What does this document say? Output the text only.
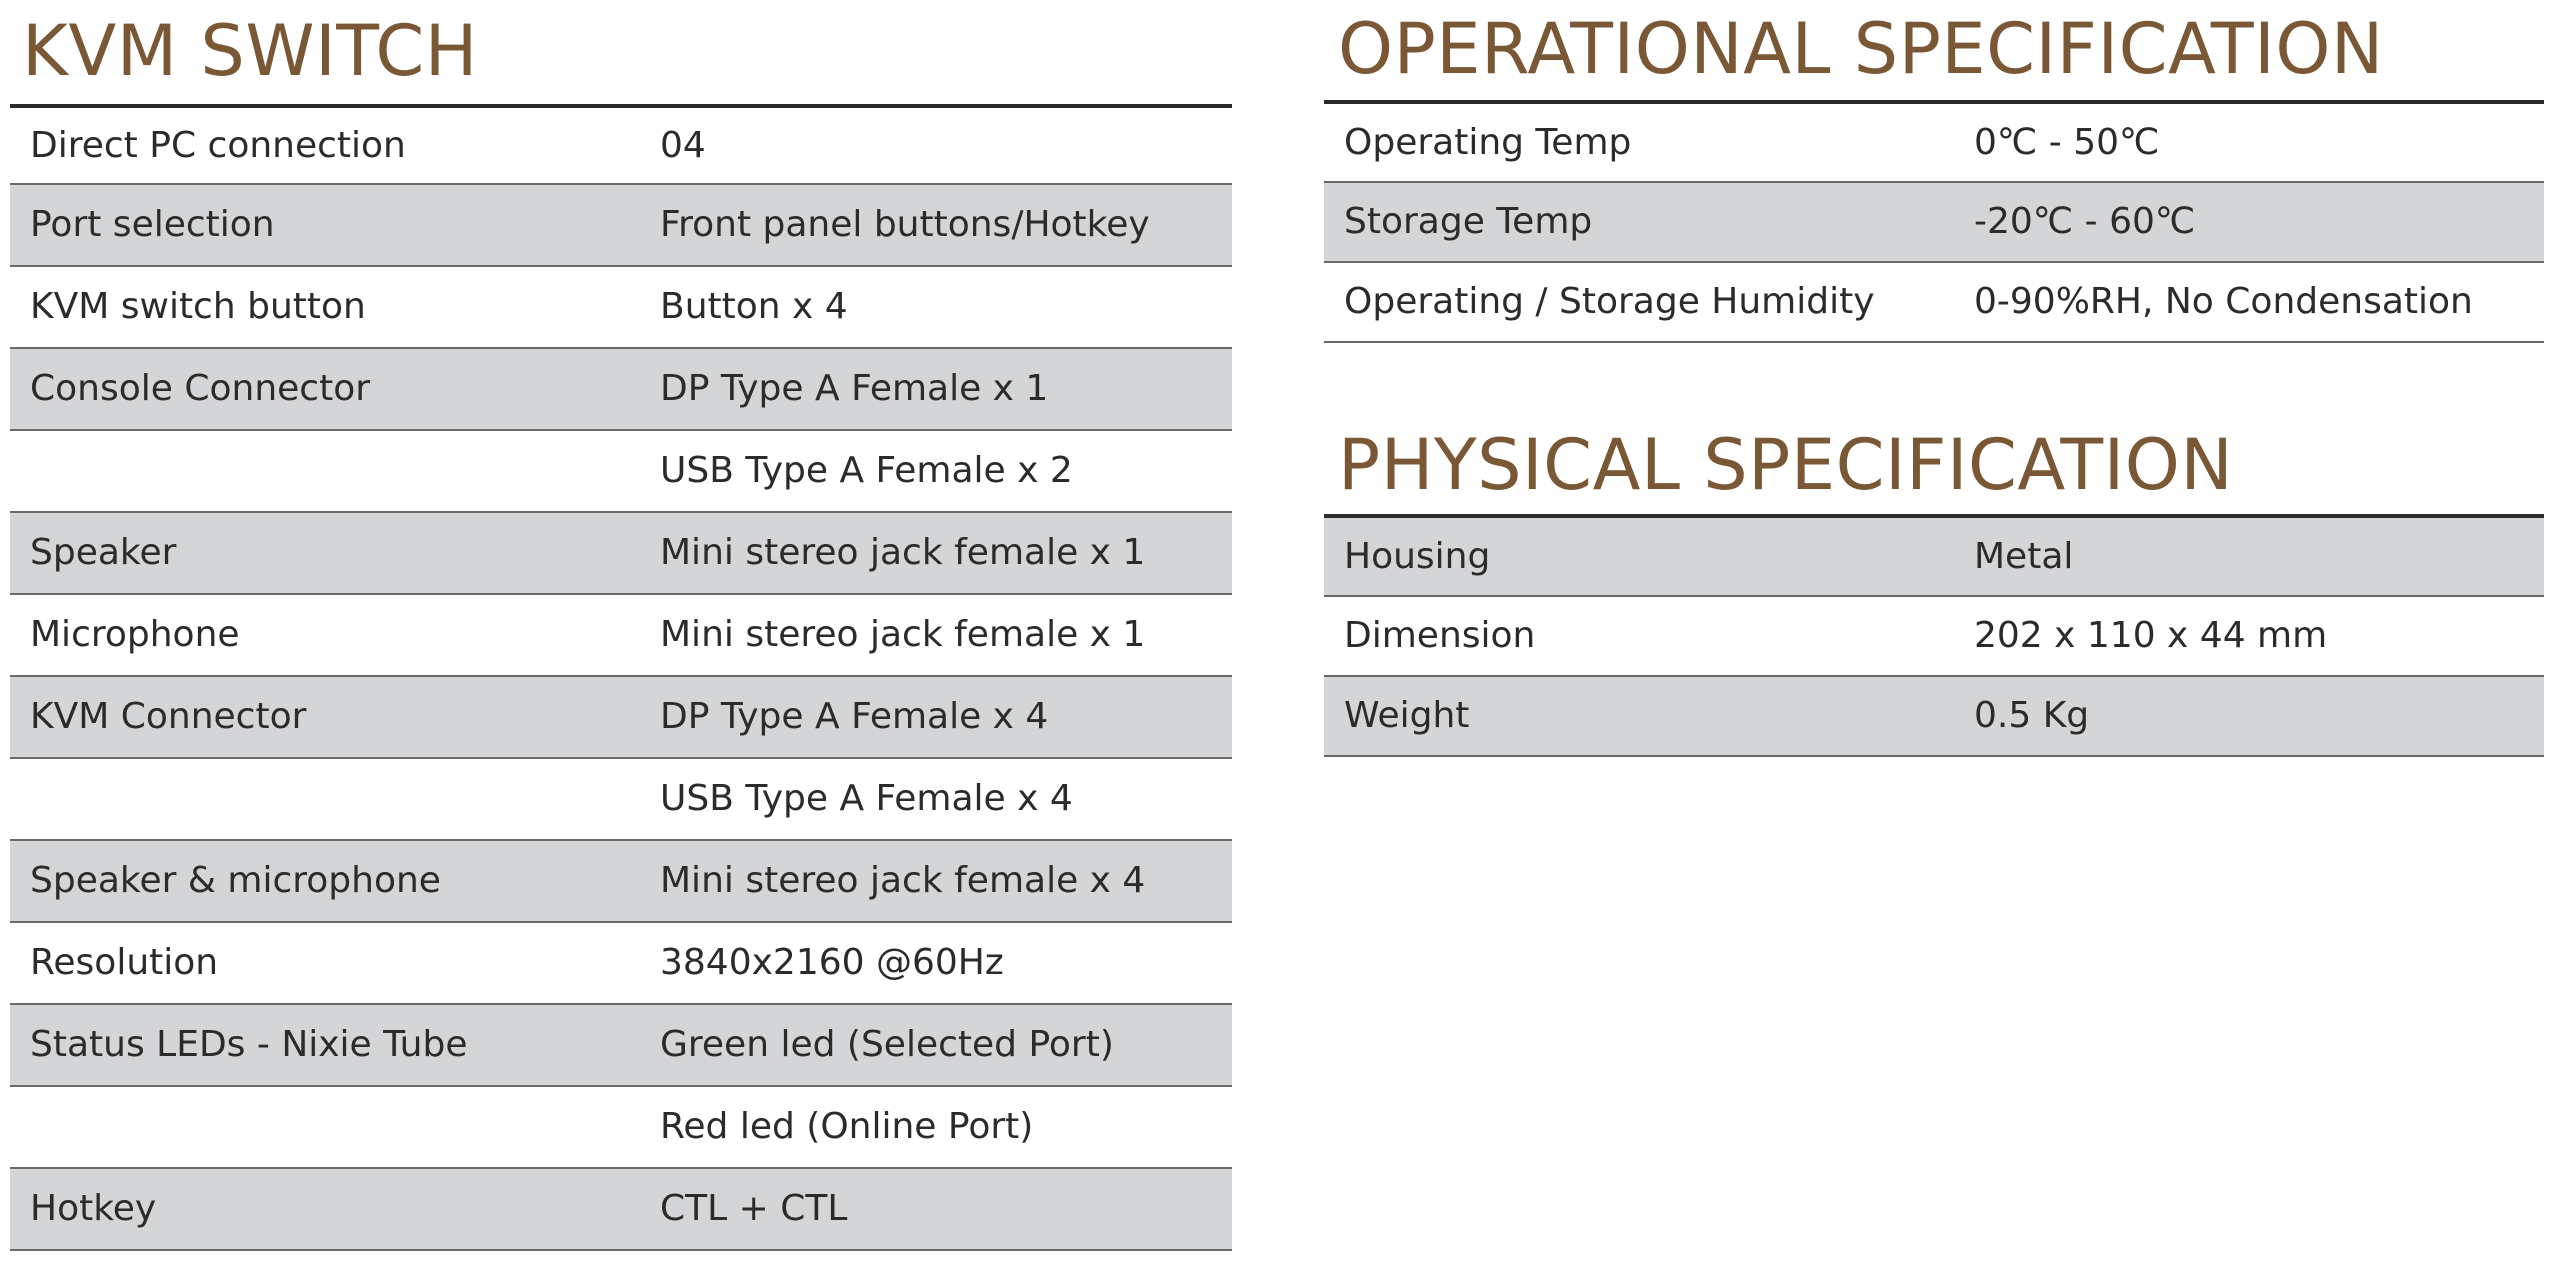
KVM SWITCH
Direct PC connection	04
Port selection	Front panel buttons/Hotkey
KVM switch button	Button x 4
Console Connector	DP Type A Female x 1
	USB Type A Female x 2
Speaker	Mini stereo jack female x 1
Microphone	Mini stereo jack female x 1
KVM Connector	DP Type A Female x 4
	USB Type A Female x 4
Speaker & microphone	Mini stereo jack female x 4
Resolution	3840x2160 @60Hz
Status LEDs - Nixie Tube	Green led (Selected Port)
	Red led (Online Port)
Hotkey	CTL + CTL
OPERATIONAL SPECIFICATION
Operating Temp	0℃ - 50℃
Storage Temp	-20℃ - 60℃
Operating / Storage Humidity	0-90%RH, No Condensation
PHYSICAL SPECIFICATION
Housing	Metal
Dimension	202 x 110 x 44 mm
Weight	0.5 Kg
